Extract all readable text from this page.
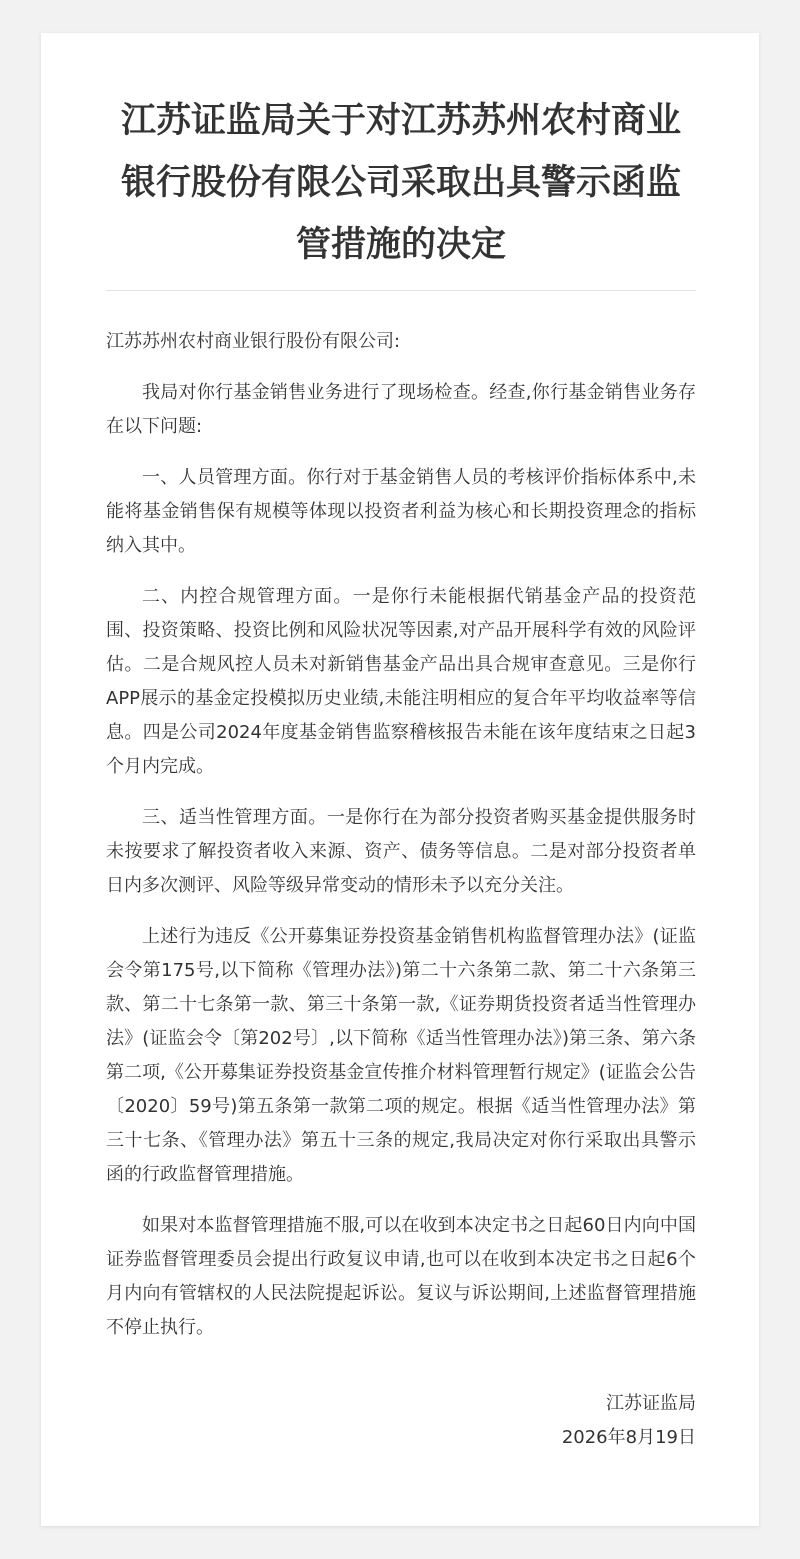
江苏证监局关于对江苏苏州农村商业银行股份有限公司采取出具警示函监管措施的决定

江苏苏州农村商业银行股份有限公司:

我局对你行基金销售业务进行了现场检查。经查,你行基金销售业务存在以下问题:

一、人员管理方面。你行对于基金销售人员的考核评价指标体系中,未能将基金销售保有规模等体现以投资者利益为核心和长期投资理念的指标纳入其中。

二、内控合规管理方面。一是你行未能根据代销基金产品的投资范围、投资策略、投资比例和风险状况等因素,对产品开展科学有效的风险评估。二是合规风控人员未对新销售基金产品出具合规审查意见。三是你行APP展示的基金定投模拟历史业绩,未能注明相应的复合年平均收益率等信息。四是公司2024年度基金销售监察稽核报告未能在该年度结束之日起3个月内完成。

三、适当性管理方面。一是你行在为部分投资者购买基金提供服务时未按要求了解投资者收入来源、资产、债务等信息。二是对部分投资者单日内多次测评、风险等级异常变动的情形未予以充分关注。

上述行为违反《公开募集证券投资基金销售机构监督管理办法》(证监会令第175号,以下简称《管理办法》)第二十六条第二款、第二十六条第三款、第二十七条第一款、第三十条第一款,《证券期货投资者适当性管理办法》(证监会令〔第202号〕,以下简称《适当性管理办法》)第三条、第六条第二项,《公开募集证券投资基金宣传推介材料管理暂行规定》(证监会公告〔2020〕59号)第五条第一款第二项的规定。根据《适当性管理办法》第三十七条、《管理办法》第五十三条的规定,我局决定对你行采取出具警示函的行政监督管理措施。

如果对本监督管理措施不服,可以在收到本决定书之日起60日内向中国证券监督管理委员会提出行政复议申请,也可以在收到本决定书之日起6个月内向有管辖权的人民法院提起诉讼。复议与诉讼期间,上述监督管理措施不停止执行。

江苏证监局
2026年8月19日
